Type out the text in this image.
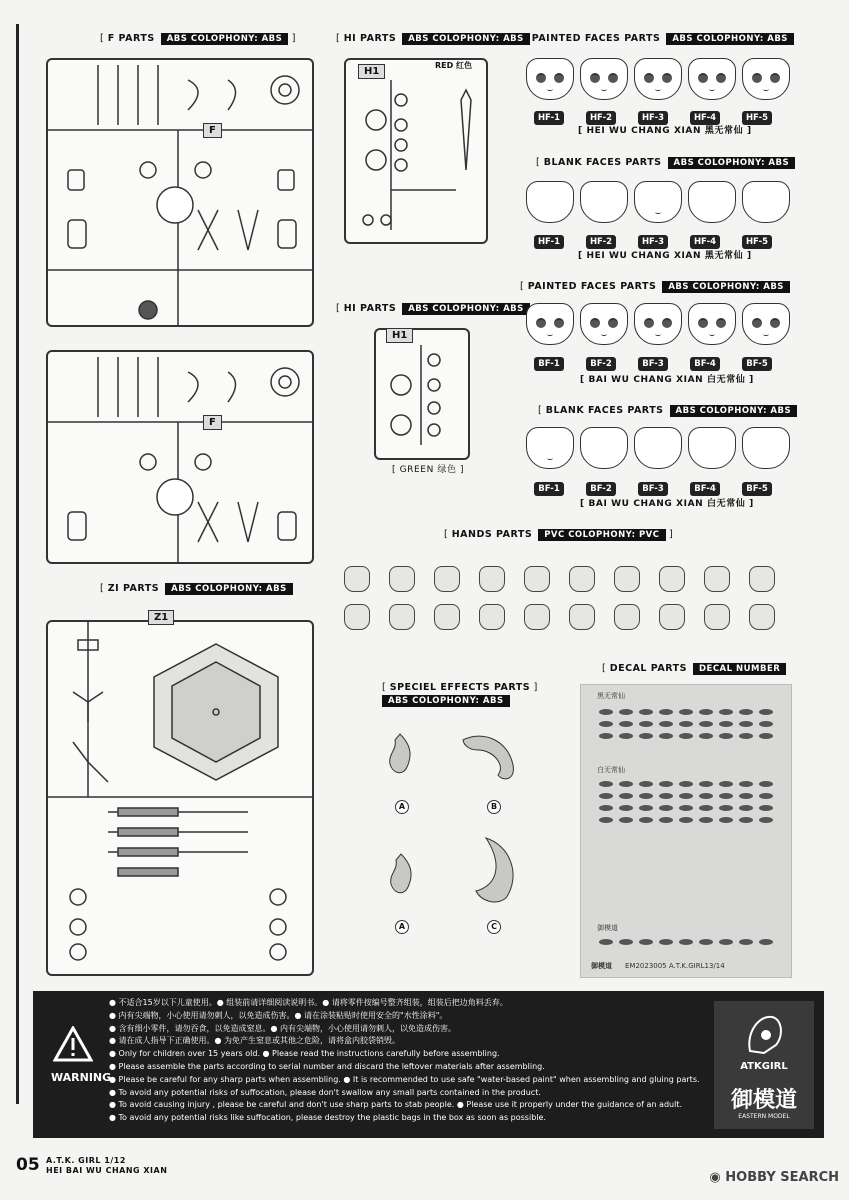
[ F PARTS ABS COLOPHONY: ABS ]
F
F
[ HI PARTS ABS COLOPHONY: ABS
H1
RED 红色
[ HI PARTS ABS COLOPHONY: ABS
H1
[ GREEN 绿色 ]
[ ZI PARTS ABS COLOPHONY: ABS
Z1
[ PAINTED FACES PARTS ABS COLOPHONY: ABS
HF-1	HF-2	HF-3	HF-4	HF-5
[ HEI WU CHANG XIAN 黑无常仙 ]
[ BLANK FACES PARTS ABS COLOPHONY: ABS
HF-1	HF-2	HF-3	HF-4	HF-5
[ HEI WU CHANG XIAN 黑无常仙 ]
[ PAINTED FACES PARTS ABS COLOPHONY: ABS
BF-1	BF-2	BF-3	BF-4	BF-5
[ BAI WU CHANG XIAN 白无常仙 ]
[ BLANK FACES PARTS ABS COLOPHONY: ABS
BF-1	BF-2	BF-3	BF-4	BF-5
[ BAI WU CHANG XIAN 白无常仙 ]
[ HANDS PARTS PVC COLOPHONY: PVC ]
[ SPECIEL EFFECTS PARTS ]
ABS COLOPHONY: ABS
A	B
A	C
[ DECAL PARTS DECAL NUMBER
黑无常仙
白无常仙
御模道
御模道 EM2023005 A.T.K.GIRL13/14
WARNING
● 不适合15岁以下儿童使用。● 组装前请详细阅读说明书。● 请将零件按编号整齐组装，组装后把边角料丢弃。
● 内有尖端物，小心使用请勿刺人，以免造成伤害。● 请在涂装粘贴时使用安全的"水性涂料"。
● 含有细小零件，请勿吞食，以免造成窒息。● 内有尖端物，小心使用请勿刺人，以免造成伤害。
● 请在成人指导下正确使用。● 为免产生窒息或其他之危险，请将盒内胶袋销毁。
● Only for children over 15 years old. ● Please read the instructions carefully before assembling.
● Please assemble the parts according to serial number and discard the leftover materials after assembling.
● Please be careful for any sharp parts when assembling. ● It is recommended to use safe "water-based paint" when assembling and gluing parts.
● To avoid any potential risks of suffocation, please don't swallow any small parts contained in the product.
● To avoid causing injury , please be careful and don't use sharp parts to stab people. ● Please use it properly under the guidance of an adult.
● To avoid any potential risks like suffocation, please destroy the plastic bags in the box as soon as possible.
ATKGIRL
御模道
EASTERN MODEL
05 A.T.K. GIRL 1/12
HEI BAI WU CHANG XIAN	◉ HOBBY SEARCH
